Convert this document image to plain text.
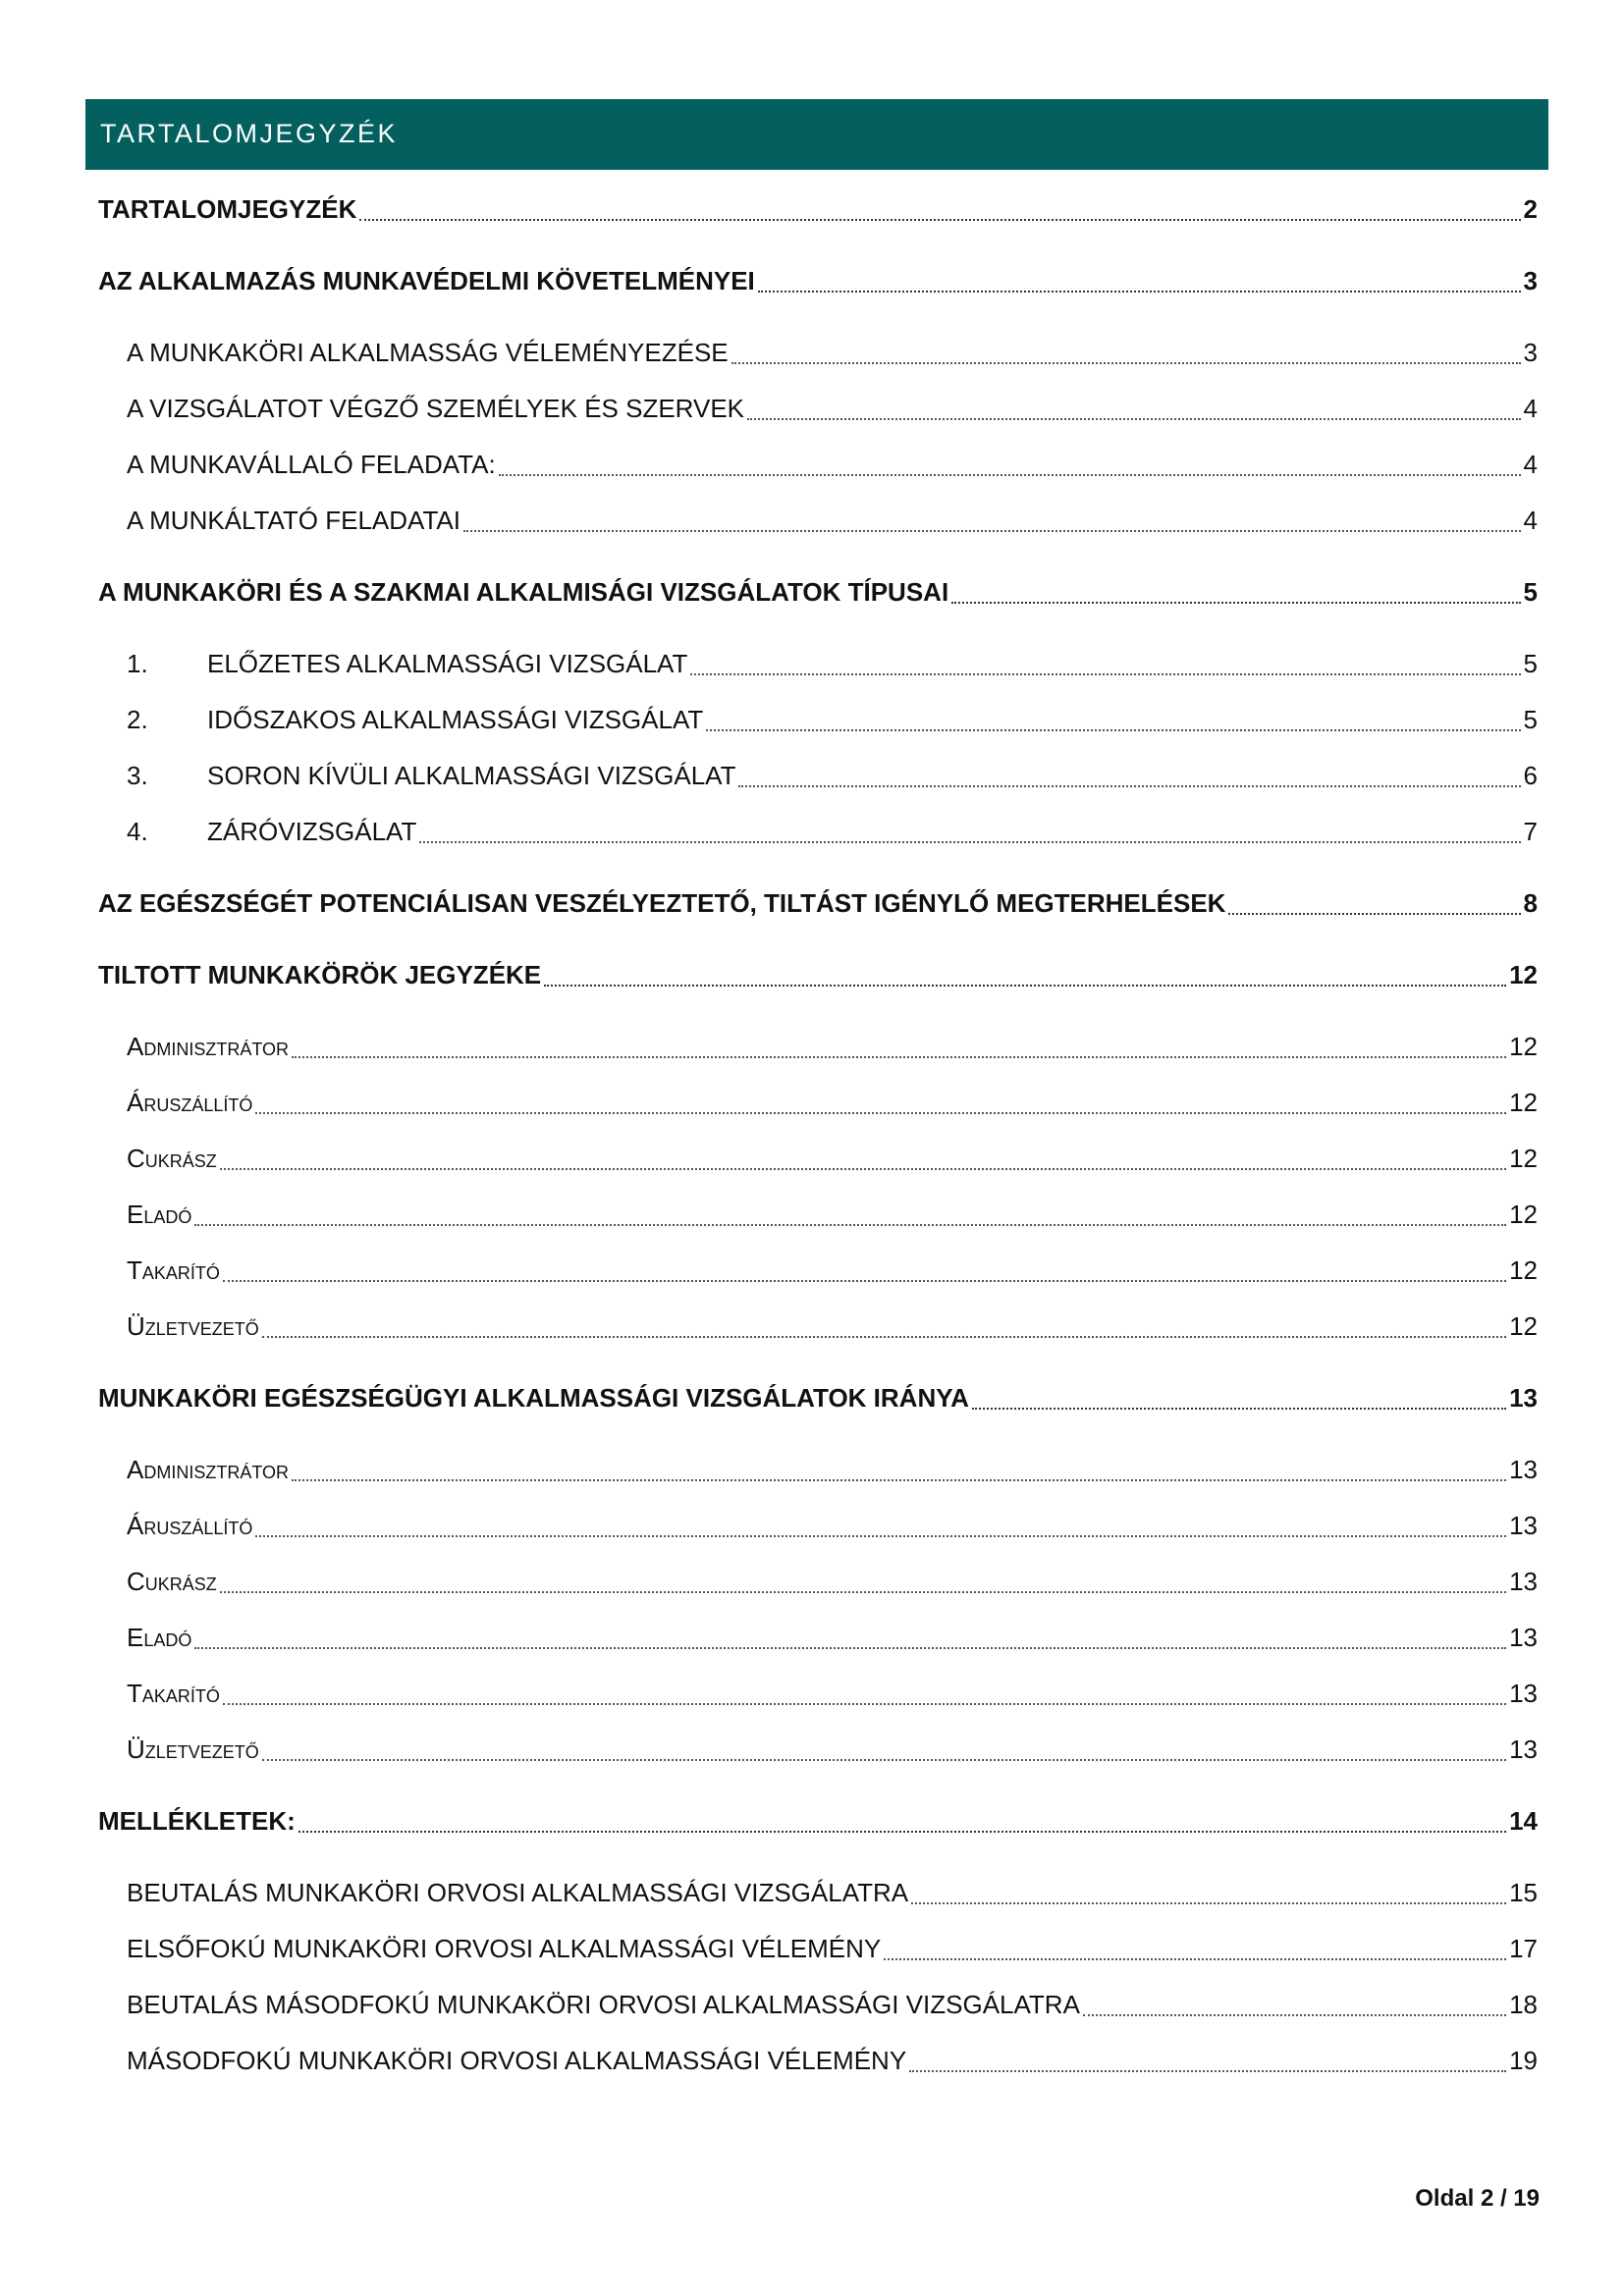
TARTALOMJEGYZÉK
TARTALOMJEGYZÉK	2
AZ ALKALMAZÁS MUNKAVÉDELMI KÖVETELMÉNYEI	3
A MUNKAKÖRI ALKALMASSÁG VÉLEMÉNYEZÉSE	3
A VIZSGÁLATOT VÉGZŐ SZEMÉLYEK ÉS SZERVEK	4
A MUNKAVÁLLALÓ FELADATA:	4
A MUNKÁLTATÓ FELADATAI	4
A MUNKAKÖRI ÉS A SZAKMAI ALKALMISÁGI VIZSGÁLATOK TÍPUSAI	5
1.	ELŐZETES ALKALMASSÁGI VIZSGÁLAT	5
2.	IDŐSZAKOS ALKALMASSÁGI VIZSGÁLAT	5
3.	SORON KÍVÜLI ALKALMASSÁGI VIZSGÁLAT	6
4.	ZÁRÓVIZSGÁLAT	7
AZ EGÉSZSÉGÉT POTENCIÁLISAN VESZÉLYEZTETŐ, TILTÁST IGÉNYLŐ MEGTERHELÉSEK	8
TILTOTT MUNKAKÖRÖK JEGYZÉKE	12
Adminisztrátor	12
Áruszállító	12
Cukrász	12
Eladó	12
Takarító	12
Üzletvezető	12
MUNKAKÖRI EGÉSZSÉGÜGYI ALKALMASSÁGI VIZSGÁLATOK IRÁNYA	13
Adminisztrátor	13
Áruszállító	13
Cukrász	13
Eladó	13
Takarító	13
Üzletvezető	13
MELLÉKLETEK:	14
BEUTALÁS MUNKAKÖRI ORVOSI ALKALMASSÁGI VIZSGÁLATRA	15
ELSŐFOKÚ MUNKAKÖRI ORVOSI ALKALMASSÁGI VÉLEMÉNY	17
BEUTALÁS MÁSODFOKÚ MUNKAKÖRI ORVOSI ALKALMASSÁGI VIZSGÁLATRA	18
MÁSODFOKÚ MUNKAKÖRI ORVOSI ALKALMASSÁGI VÉLEMÉNY	19
Oldal 2 / 19
